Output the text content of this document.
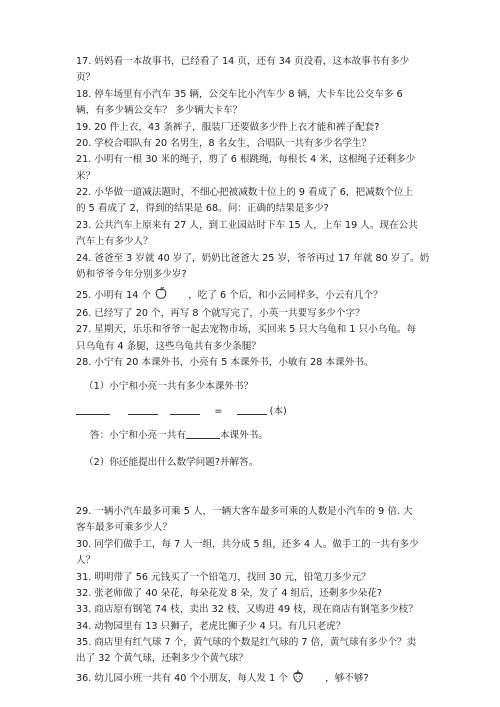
17. 妈妈看一本故事书，已经看了 14 页，还有 34 页没看，这本故事书有多少

页？

18. 停车场里有小汽车 35 辆，公交车比小汽车少 8 辆，大卡车比公交车多 6

辆，有多少辆公交车？ 多少辆大卡车？

19. 20 件上衣，43 条裤子，服装厂还要做多少件上衣才能和裤子配套?

20. 学校合唱队有 20 名男生，8 名女生，合唱队一共有多少名学生？

21. 小明有一根 30 米的绳子，剪了 6 根跳绳，每根长 4 米，这根绳子还剩多少

米？

22. 小华做一道减法题时，不细心把被减数十位上的 9 看成了 6，把减数个位上

的 5 看成了 2，得到的结果是 68。问：正确的结果是多少?

23. 公共汽车上原来有 27 人，到工业园站时下车 15 人，上车 19 人。现在公共

汽车上有多少人？

24. 爸爸至 3 岁就 40 岁了，奶奶比爸爸大 25 岁，爷爷再过 17 年就 80 岁了。奶

奶和爷爷今年分别多少岁?

25. 小明有 14 个	，吃了 6 个后，和小云同样多，小云有几个？

26. 已经写了 20 个，再写 8 个就写完了，小英一共要写多少个字？

27. 星期天，乐乐和爷爷一起去宠物市场，买回来 5 只大乌龟和 1 只小乌龟。每

只乌龟有 4 条腿，这些乌龟共有多少条腿？

28. 小宁有 20 本课外书，小亮有 5 本课外书，小敏有 28 本课外书。

（1）小宁和小亮一共有多少本课外书？

=	(本)

答：小宁和小亮一共有	本课外书。

（2）你还能提出什么数学问题?并解答。

29. 一辆小汽车最多可乘 5 人，一辆大客车最多可乘的人数是小汽车的 9 倍. 大

客车最多可乘多少人？

30. 同学们做手工，每 7 人一组，共分成 5 组，还多 4 人。做手工的一共有多少

人？

31. 明明带了 56 元钱买了一个铅笔刀，找回 30 元，铅笔刀多少元？

32. 张老师做了 40 朵花，每朵花发 8 朵，发了 4 组后，还剩多少朵花?

33. 商店原有钢笔 74 枝，卖出 32 枝，又购进 49 枝，现在商店有钢笔多少枝？

34. 动物园里有 13 只狮子，老虎比狮子少 4 只。有几只老虎？

35. 商店里有红气球 7 个，黄气球的个数是红气球的 7 倍，黄气球有多少个？卖

出了 32 个黄气球，还剩多少个黄气球？

36. 幼儿园小班一共有 40 个小朋友，每人发 1 个	，够不够?
